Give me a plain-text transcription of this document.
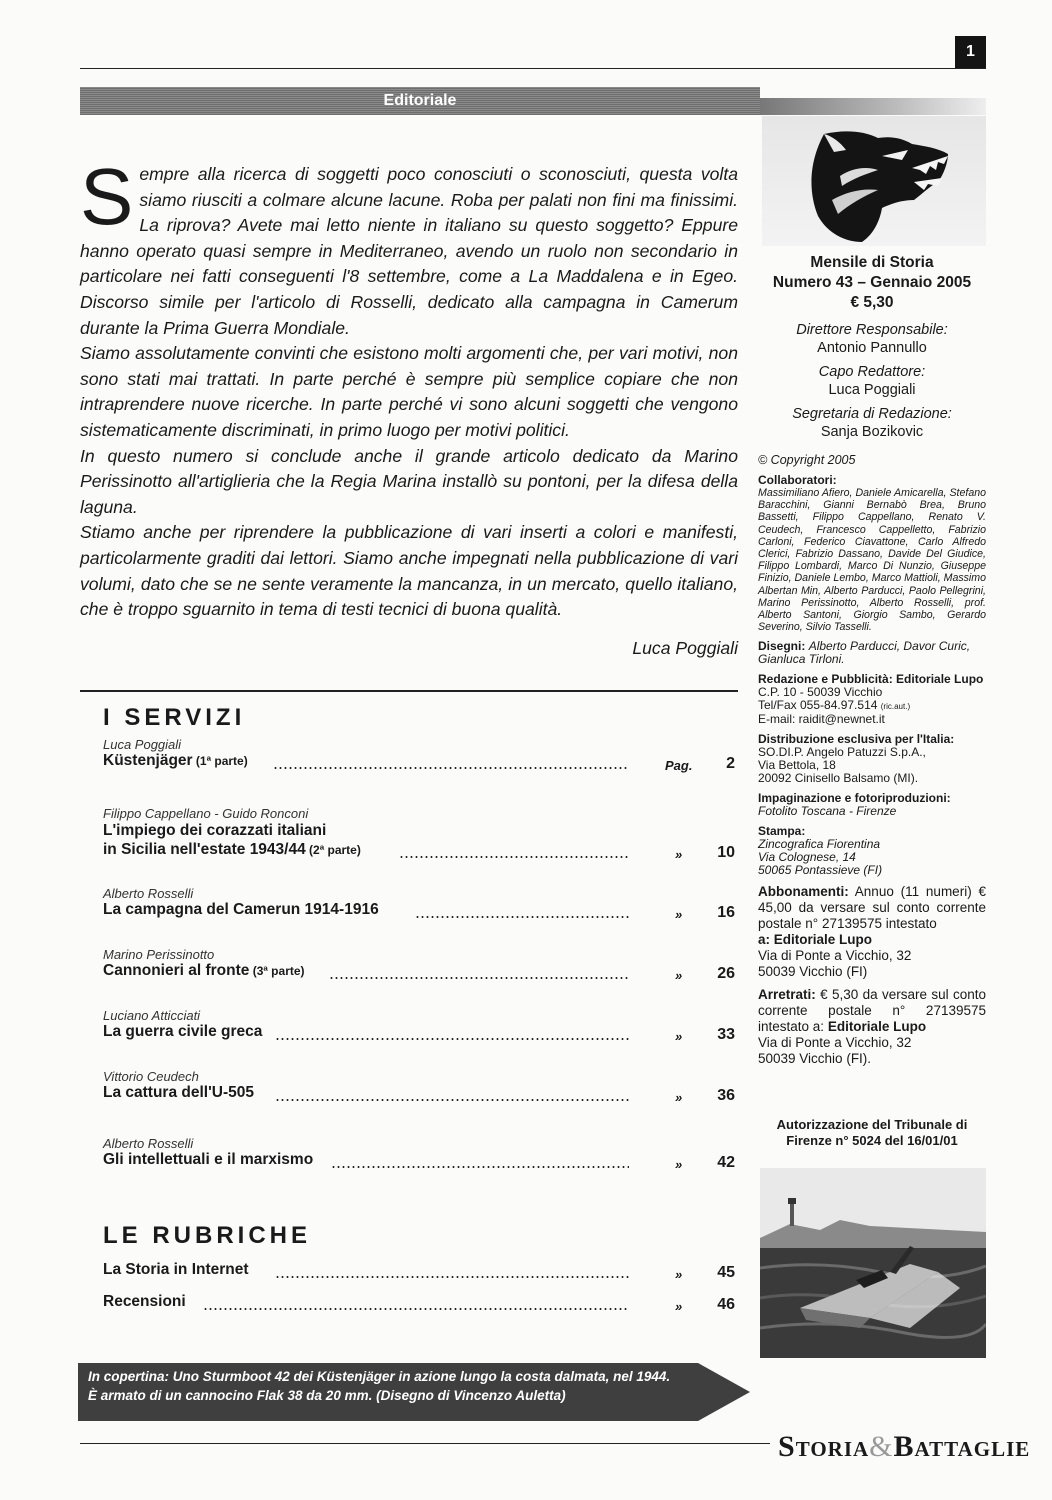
1
Editoriale

Sempre alla ricerca di soggetti poco conosciuti o sconosciuti, questa volta siamo riusciti a colmare alcune lacune. Roba per palati non fini ma finissimi. La riprova? Avete mai letto niente in italiano su questo soggetto? Eppure hanno operato quasi sempre in Mediterraneo, avendo un ruolo non secondario in particolare nei fatti conseguenti l'8 settembre, come a La Maddalena e in Egeo. Discorso simile per l'articolo di Rosselli, dedicato alla campagna in Camerum durante la Prima Guerra Mondiale.

Siamo assolutamente convinti che esistono molti argomenti che, per vari motivi, non sono stati mai trattati. In parte perché è sempre più semplice copiare che non intraprendere nuove ricerche. In parte perché vi sono alcuni soggetti che vengono sistematicamente discriminati, in primo luogo per motivi politici.

In questo numero si conclude anche il grande articolo dedicato da Marino Perissinotto all'artiglieria che la Regia Marina installò su pontoni, per la difesa della laguna.

Stiamo anche per riprendere la pubblicazione di vari inserti a colori e manifesti, particolarmente graditi dai lettori. Siamo anche impegnati nella pubblicazione di vari volumi, dato che se ne sente veramente la mancanza, in un mercato, quello italiano, che è troppo sguarnito in tema di testi tecnici di buona qualità.

Luca Poggiali
I SERVIZI
Luca Poggiali
Küstenjäger (1ª parte)	Pag. 2
Filippo Cappellano - Guido Ronconi
L'impiego dei corazzati italiani
in Sicilia nell'estate 1943/44 (2ª parte)	» 10
Alberto Rosselli
La campagna del Camerun 1914-1916	» 16
Marino Perissinotto
Cannonieri al fronte (3ª parte)	» 26
Luciano Atticciati
La guerra civile greca	» 33
Vittorio Ceudech
La cattura dell'U-505	» 36
Alberto Rosselli
Gli intellettuali e il marxismo	» 42
LE RUBRICHE
La Storia in Internet	» 45
Recensioni	» 46
In copertina: Uno Sturmboot 42 dei Küstenjäger in azione lungo la costa dalmata, nel 1944. È armato di un cannocino Flak 38 da 20 mm. (Disegno di Vincenzo Auletta)
STORIA&BATTAGLIE
Mensile di Storia
Numero 43 – Gennaio 2005
€ 5,30
Direttore Responsabile:
Antonio Pannullo
Capo Redattore:
Luca Poggiali
Segretaria di Redazione:
Sanja Bozikovic
© Copyright 2005
Collaboratori:
Massimiliano Afiero, Daniele Amicarella, Stefano Baracchini, Gianni Bernabò Brea, Bruno Bassetti, Filippo Cappellano, Renato V. Ceudech, Francesco Cappelletto, Fabrizio Carloni, Federico Ciavattone, Carlo Alfredo Clerici, Fabrizio Dassano, Davide Del Giudice, Filippo Lombardi, Marco Di Nunzio, Giuseppe Finizio, Daniele Lembo, Marco Mattioli, Massimo Albertan Min, Alberto Parducci, Paolo Pellegrini, Marino Perissinotto, Alberto Rosselli, prof. Alberto Santoni, Giorgio Sambo, Gerardo Severino, Silvio Tasselli.
Disegni: Alberto Parducci, Davor Curic, Gianluca Tirloni.
Redazione e Pubblicità: Editoriale Lupo
C.P. 10 - 50039 Vicchio
Tel/Fax 055-84.97.514 (ric.aut.)
E-mail: raidit@newnet.it
Distribuzione esclusiva per l'Italia:
SO.DI.P. Angelo Patuzzi S.p.A.,
Via Bettola, 18
20092 Cinisello Balsamo (MI).
Impaginazione e fotoriproduzioni:
Fotolito Toscana - Firenze
Stampa:
Zincografica Fiorentina
Via Colognese, 14
50065 Pontassieve (FI)
Abbonamenti: Annuo (11 numeri) € 45,00 da versare sul conto corrente postale n° 27139575 intestato
a: Editoriale Lupo
Via di Ponte a Vicchio, 32
50039 Vicchio (FI)
Arretrati: € 5,30 da versare sul conto corrente postale n° 27139575 intestato a: Editoriale Lupo
Via di Ponte a Vicchio, 32
50039 Vicchio (FI).
Autorizzazione del Tribunale di Firenze n° 5024 del 16/01/01
